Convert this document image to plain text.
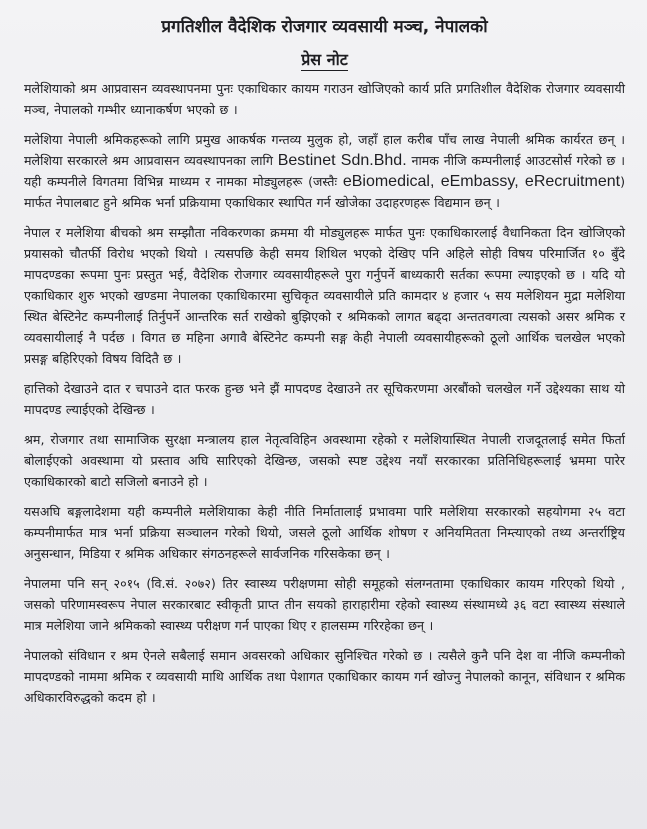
प्रगतिशील वैदेशिक रोजगार व्यवसायी मञ्च, नेपालको
प्रेस नोट

मलेशियाको श्रम आप्रवासन व्यवस्थापनमा पुनः एकाधिकार कायम गराउन खोजिएको कार्य प्रति प्रगतिशील वैदेशिक रोजगार व्यवसायी मञ्च, नेपालको गम्भीर ध्यानाकर्षण भएको छ ।

मलेशिया नेपाली श्रमिकहरूको लागि प्रमुख आकर्षक गन्तव्य मुलुक हो, जहाँ हाल करीब पाँच लाख नेपाली श्रमिक कार्यरत छन् । मलेशिया सरकारले श्रम आप्रवासन व्यवस्थापनका लागि Bestinet Sdn.Bhd. नामक नीजि कम्पनीलाई आउटसोर्स गरेको छ । यही कम्पनीले विगतमा विभिन्न माध्यम र नामका मोड्युलहरू (जस्तैः eBiomedical, eEmbassy, eRecruitment) मार्फत नेपालबाट हुने श्रमिक भर्ना प्रक्रियामा एकाधिकार स्थापित गर्न खोजेका उदाहरणहरू विद्यमान छन् ।

नेपाल र मलेशिया बीचको श्रम सम्झौता नविकरणका क्रममा यी मोड्युलहरू मार्फत पुनः एकाधिकारलाई वैधानिकता दिन खोजिएको प्रयासको चौतर्फी विरोध भएको थियो । त्यसपछि केही समय शिथिल भएको देखिए पनि अहिले सोही विषय परिमार्जित १० बुँदे मापदण्डका रूपमा पुनः प्रस्तुत भई, वैदेशिक रोजगार व्यवसायीहरूले पुरा गर्नुपर्ने बाध्यकारी सर्तका रूपमा ल्याइएको छ । यदि यो एकाधिकार शुरु भएको खण्डमा नेपालका एकाधिकारमा सुचिकृत व्यवसायीले प्रति कामदार ४ हजार ५ सय मलेशियन मुद्रा मलेशिया स्थित बेस्टिनेट कम्पनीलाई तिर्नुपर्ने आन्तरिक सर्त राखेको बुझिएको र श्रमिकको लागत बढ्दा अन्ततवगत्वा त्यसको असर श्रमिक र व्यवसायीलाई नै पर्दछ । विगत छ महिना अगावै बेस्टिनेट कम्पनी सङ्ग केही नेपाली व्यवसायीहरूको ठूलो आर्थिक चलखेल भएको प्रसङ्ग बहिरिएको विषय विदितै छ ।

हात्तिको देखाउने दात र चपाउने दात फरक हुन्छ भने झैं मापदण्ड देखाउने तर सूचिकरणमा अरबौंको चलखेल गर्ने उद्देश्यका साथ यो मापदण्ड ल्याईएको देखिन्छ ।

श्रम, रोजगार तथा सामाजिक सुरक्षा मन्त्रालय हाल नेतृत्वविहिन अवस्थामा रहेको र मलेशियास्थित नेपाली राजदूतलाई समेत फिर्ता बोलाईएको अवस्थामा यो प्रस्ताव अघि सारिएको देखिन्छ, जसको स्पष्ट उद्देश्य नयाँ सरकारका प्रतिनिधिहरूलाई भ्रममा पारेर एकाधिकारको बाटो सजिलो बनाउने हो ।

यसअघि बङ्गलादेशमा यही कम्पनीले मलेशियाका केही नीति निर्मातालाई प्रभावमा पारि मलेशिया सरकारको सहयोगमा २५ वटा कम्पनीमार्फत मात्र भर्ना प्रक्रिया सञ्चालन गरेको थियो, जसले ठूलो आर्थिक शोषण र अनियमितता निम्त्याएको तथ्य अन्तर्राष्ट्रिय अनुसन्धान, मिडिया र श्रमिक अधिकार संगठनहरूले सार्वजनिक गरिसकेका छन् ।

नेपालमा पनि सन् २०१५ (वि.सं. २०७२) तिर स्वास्थ्य परीक्षणमा सोही समूहको संलग्नतामा एकाधिकार कायम गरिएको थियो , जसको परिणामस्वरूप नेपाल सरकारबाट स्वीकृती प्राप्त तीन सयको हाराहारीमा रहेको स्वास्थ्य संस्थामध्ये ३६ वटा स्वास्थ्य संस्थाले मात्र मलेशिया जाने श्रमिकको स्वास्थ्य परीक्षण गर्न पाएका थिए र हालसम्म गरिरहेका छन् ।

नेपालको संविधान र श्रम ऐनले सबैलाई समान अवसरको अधिकार सुनिश्चित गरेको छ । त्यसैले कुनै पनि देश वा नीजि कम्पनीको मापदण्डको नाममा श्रमिक र व्यवसायी माथि आर्थिक तथा पेशागत एकाधिकार कायम गर्न खोज्नु नेपालको कानून, संविधान र श्रमिक अधिकारविरुद्धको कदम हो ।
